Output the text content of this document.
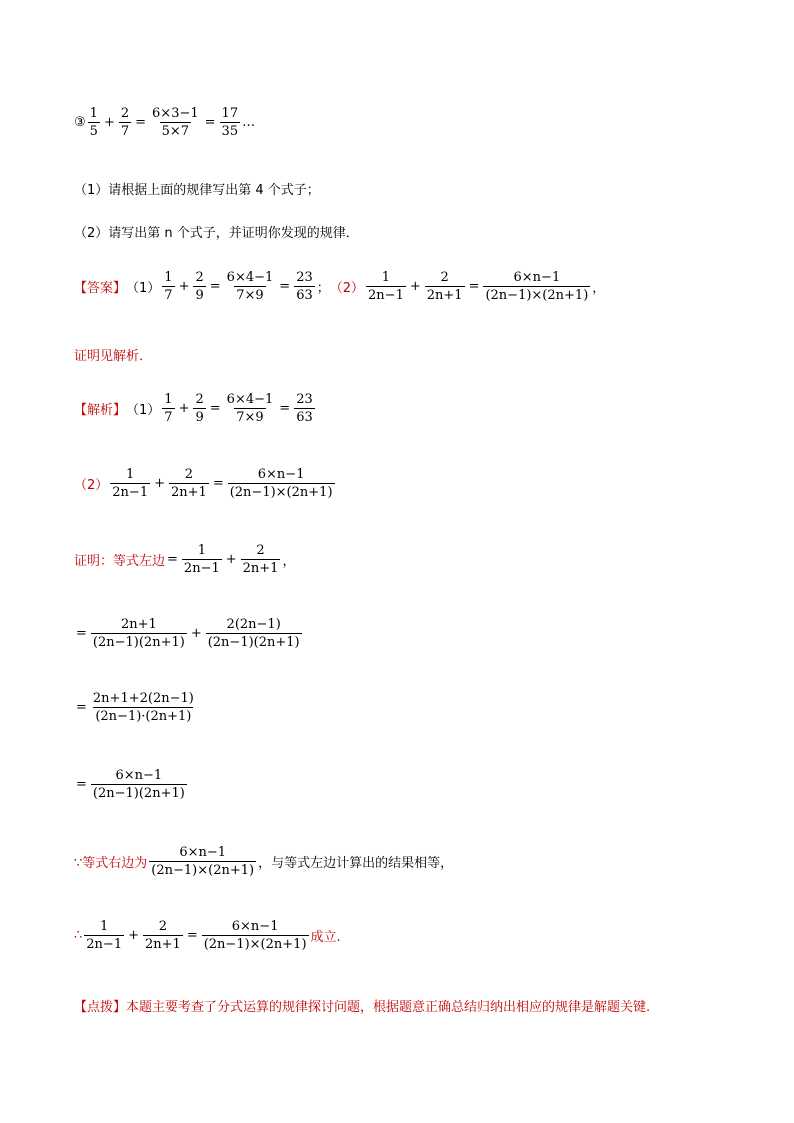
③ $\frac{1}{5} + \frac{2}{7} = \frac{6\times 3-1}{5\times 7} = \frac{17}{35}$ …
（1）请根据上面的规律写出第 4 个式子；
（2）请写出第 n 个式子，并证明你发现的规律．
【答案】 $(1) \frac{1}{7} + \frac{2}{9} = \frac{6\times 4-1}{7\times 9} = \frac{23}{63}$ ； $(2) \frac{1}{2n-1} + \frac{2}{2n+1} = \frac{6\times n-1}{(2n-1)\times(2n+1)}$ ，
证明见解析．
【解析】 $(1) \frac{1}{7} + \frac{2}{9} = \frac{6\times 4-1}{7\times 9} = \frac{23}{63}$
$(2) \frac{1}{2n-1} + \frac{2}{2n+1} = \frac{6\times n-1}{(2n-1)\times(2n+1)}$
证明：等式左边 = $\frac{1}{2n-1} + \frac{2}{2n+1}$ ，
= $\frac{2n+1}{(2n-1)(2n+1)} + \frac{2(2n-1)}{(2n-1)(2n+1)}$
= $\frac{2n+1+2(2n-1)}{(2n-1)\cdot(2n+1)}$
= $\frac{6\times n-1}{(2n-1)(2n+1)}$
∵等式右边为 $\frac{6\times n-1}{(2n-1)\times(2n+1)}$ ，与等式左边计算出的结果相等，
∴ $\frac{1}{2n-1} + \frac{2}{2n+1} = \frac{6\times n-1}{(2n-1)\times(2n+1)}$ 成立.
【点拨】 本题主要考查了分式运算的规律探讨问题，根据题意正确总结归纳出相应的规律是解题关键.
